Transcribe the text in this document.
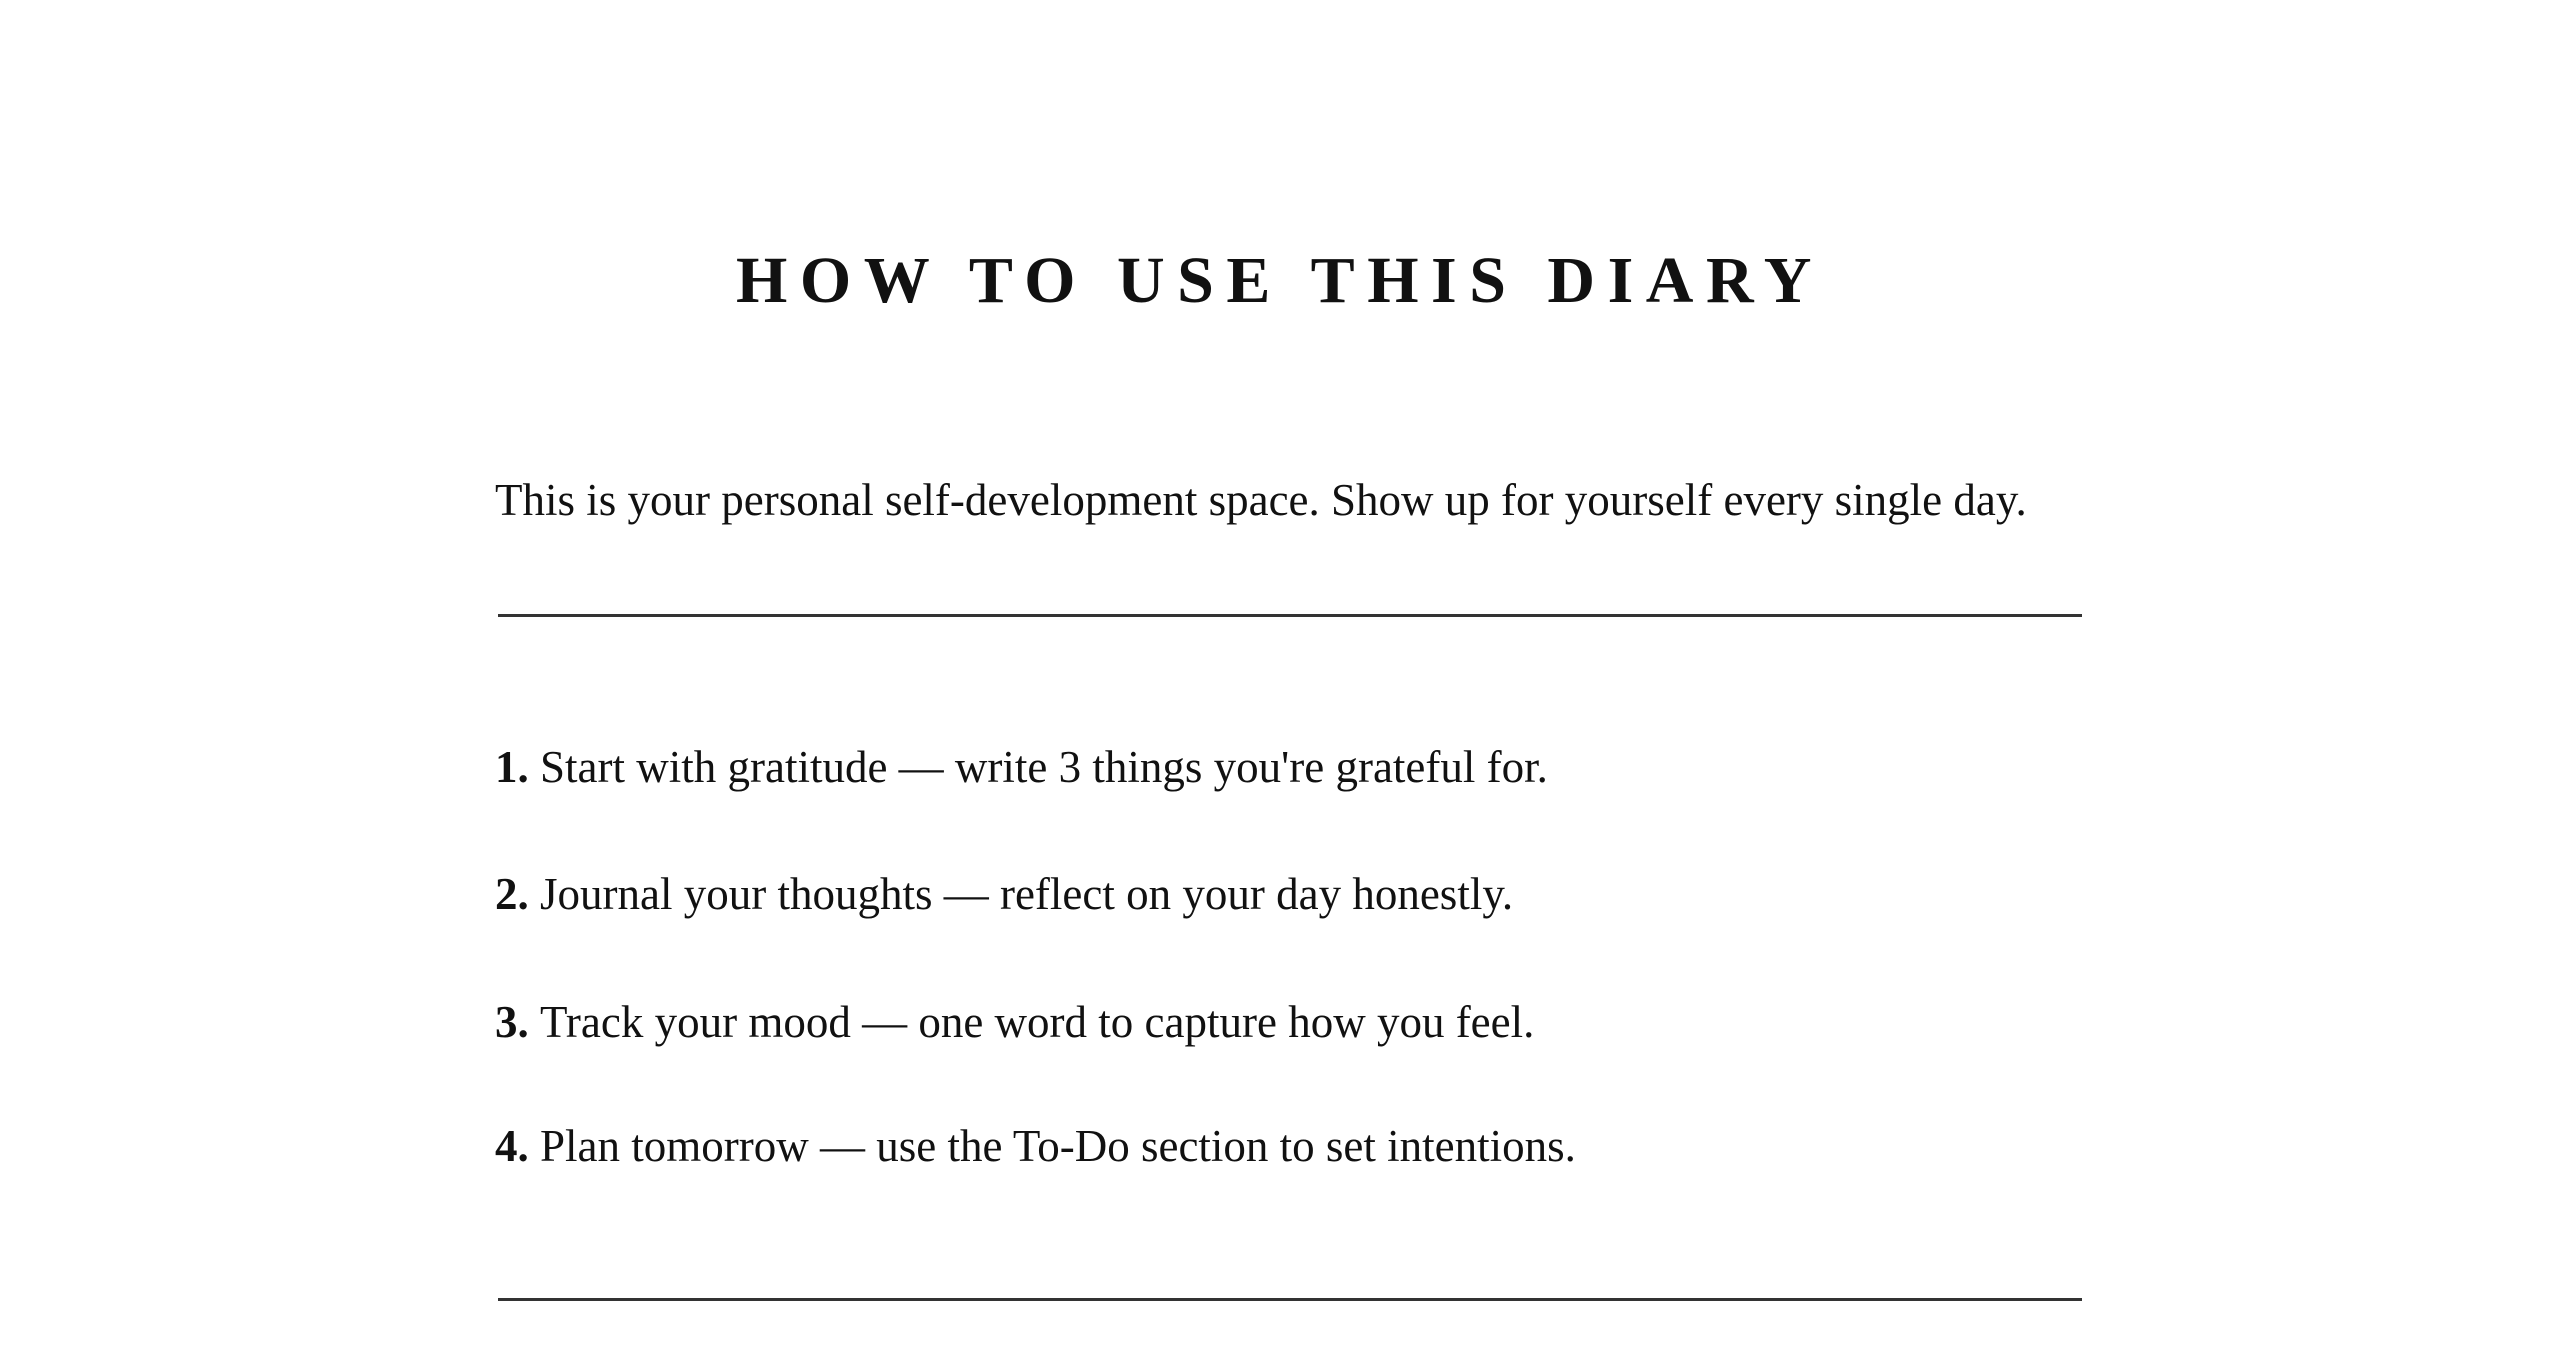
HOW TO USE THIS DIARY

This is your personal self-development space. Show up for yourself every single day.

1. Start with gratitude — write 3 things you're grateful for.
2. Journal your thoughts — reflect on your day honestly.
3. Track your mood — one word to capture how you feel.
4. Plan tomorrow — use the To-Do section to set intentions.
